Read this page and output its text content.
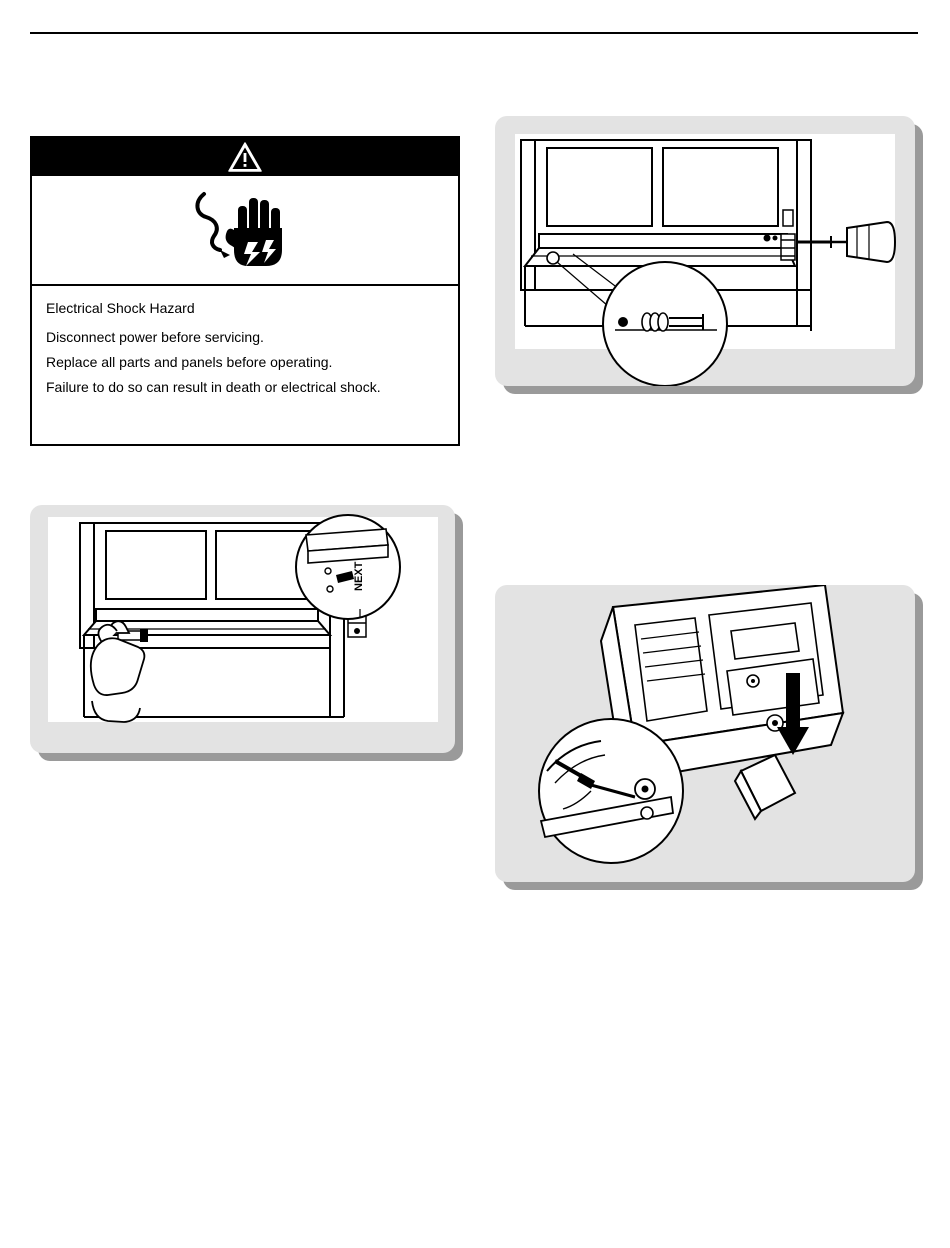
Electrical Shock Hazard

Disconnect power before servicing.

Replace all parts and panels before operating.

Failure to do so can result in death or electrical shock.

NEXT
